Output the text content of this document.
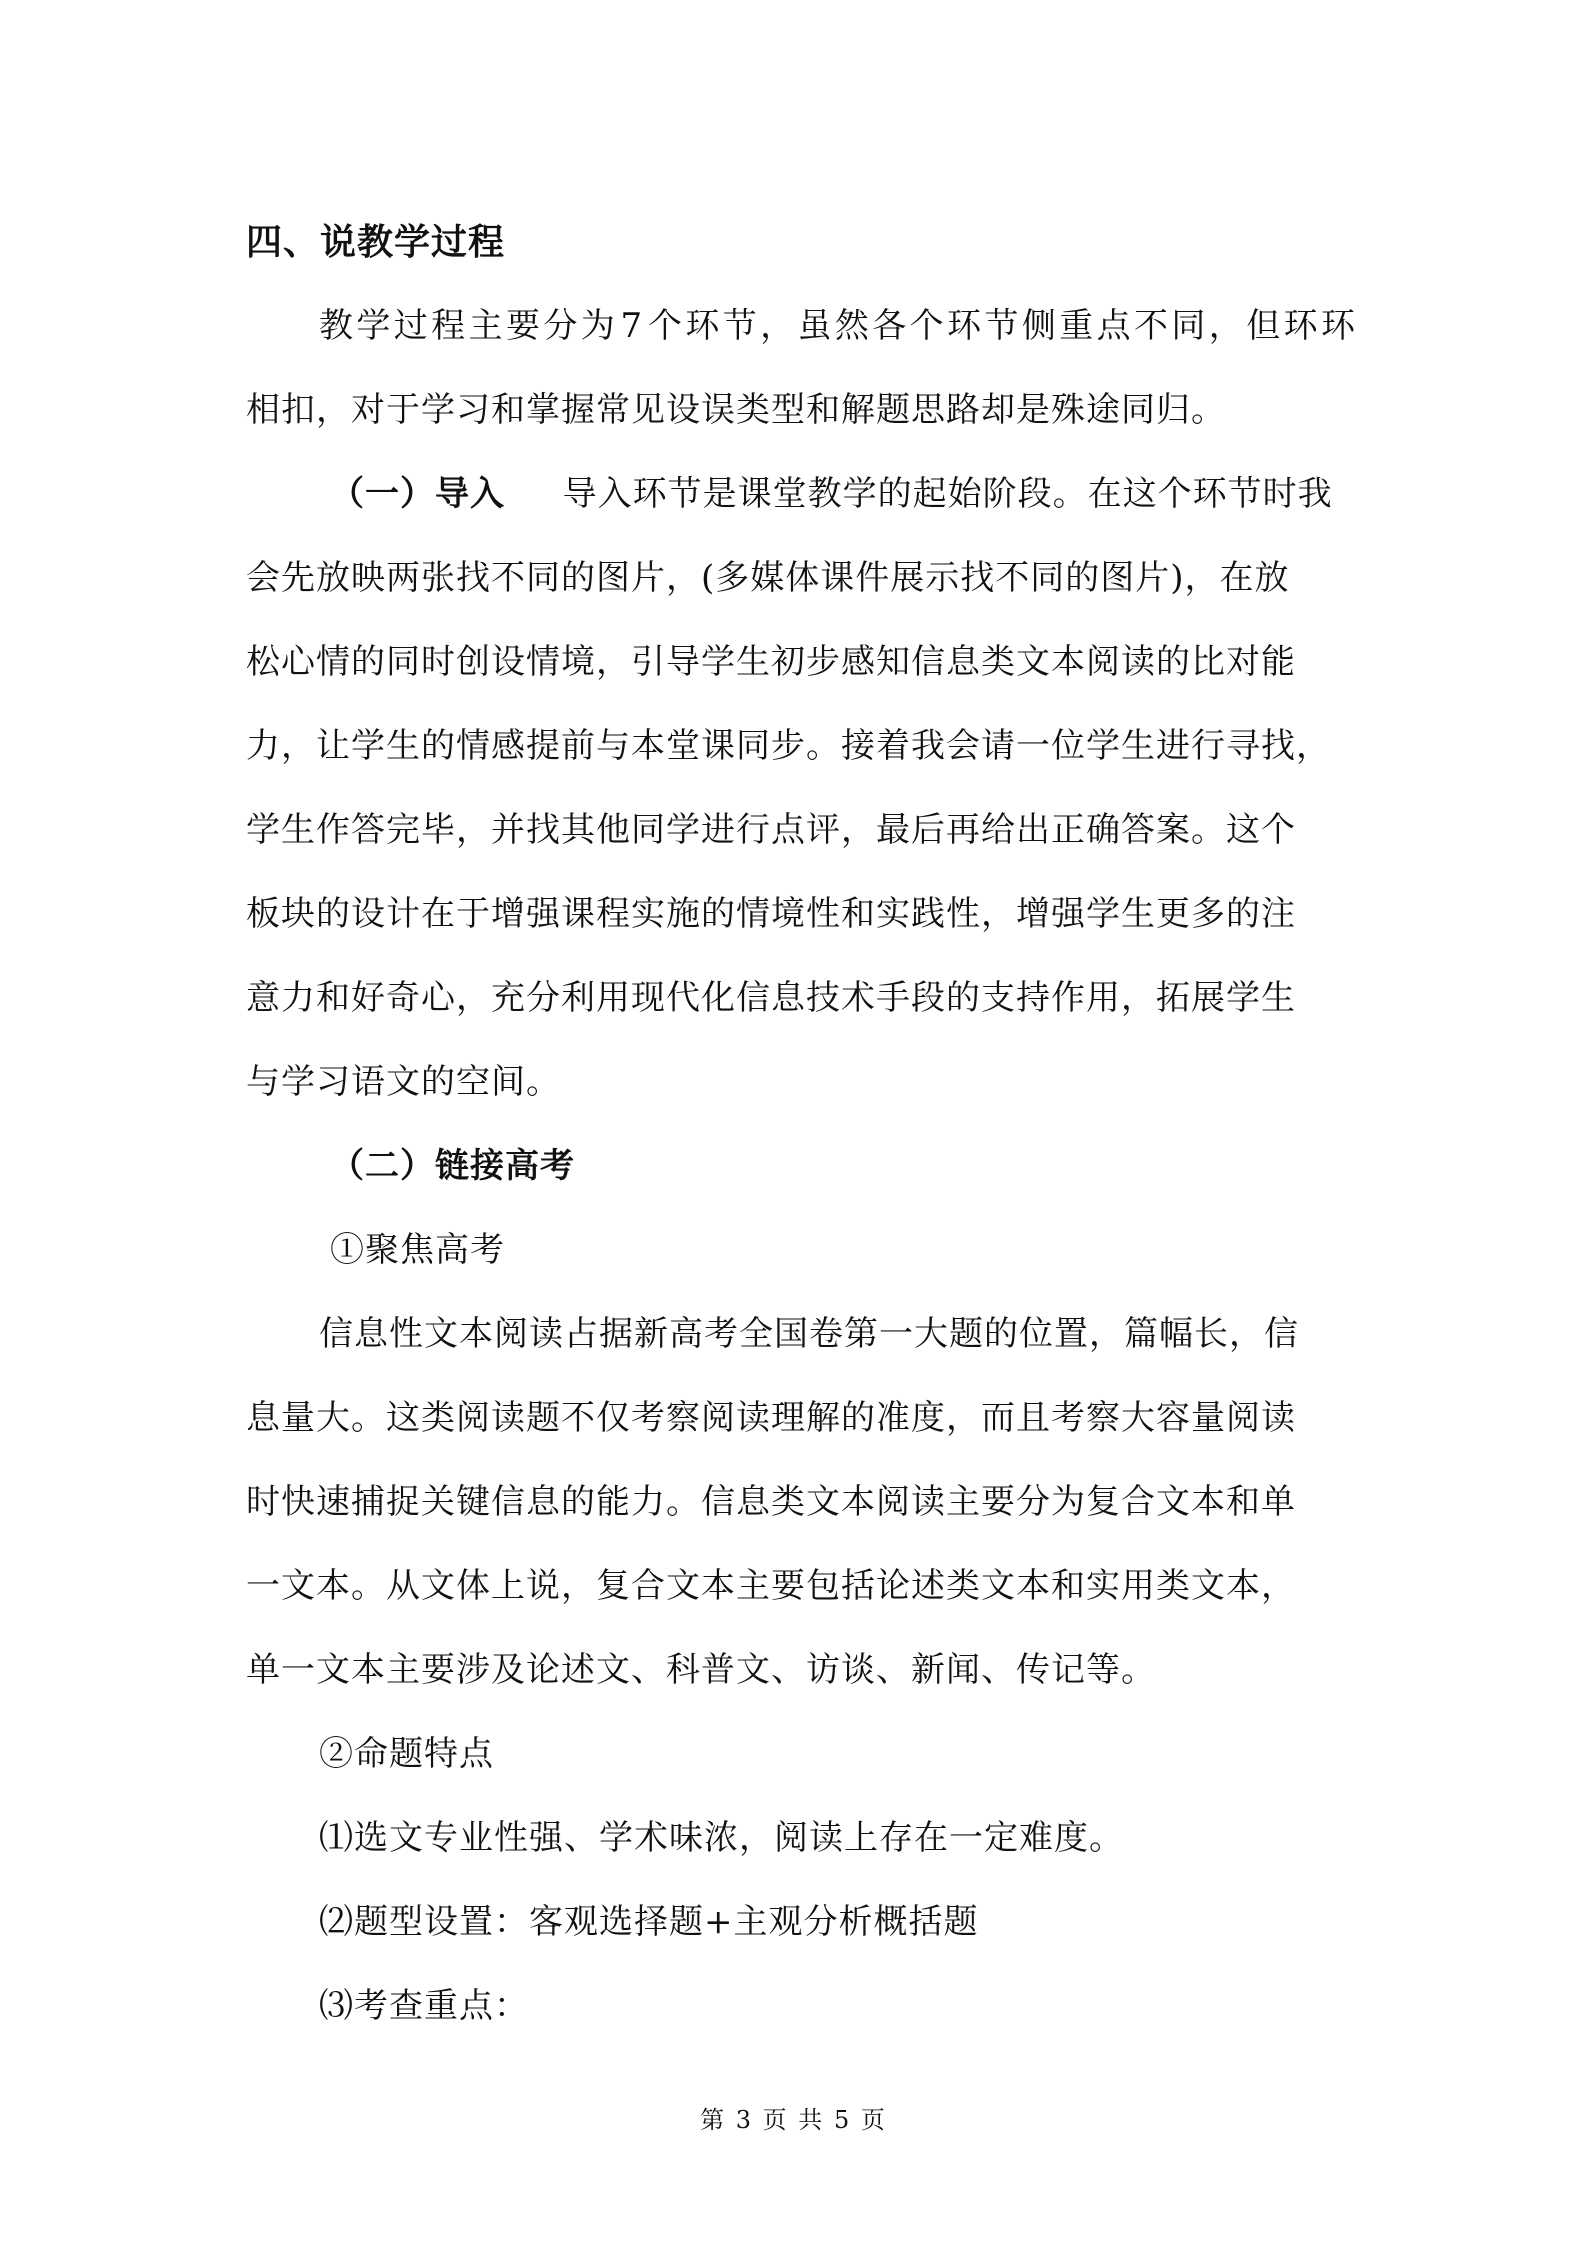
四、说教学过程
教 学 过 程 主 要 分 为 7 个 环 节 ， 虽 然 各 个 环 节 侧 重 点 不 同 ， 但 环 环
相扣，对于学习和掌握常见设误类型和解题思路却是殊途同归。
（一）导入 导入环节是课堂教学的起始阶段。在这个环节时我
会先放映两张找不同的图片，(多媒体课件展示找不同的图片)，在放
松心情的同时创设情境，引导学生初步感知信息类文本阅读的比对能
力，让学生的情感提前与本堂课同步。接着我会请一位学生进行寻找，
学生作答完毕，并找其他同学进行点评，最后再给出正确答案。这个
板块的设计在于增强课程实施的情境性和实践性，增强学生更多的注
意力和好奇心，充分利用现代化信息技术手段的支持作用，拓展学生
与学习语文的空间。
（二）链接高考
①聚焦高考
信息性文本阅读占据新高考全国卷第一大题的位置，篇幅长，信
息量大。这类阅读题不仅考察阅读理解的准度，而且考察大容量阅读
时快速捕捉关键信息的能力。信息类文本阅读主要分为复合文本和单
一文本。从文体上说，复合文本主要包括论述类文本和实用类文本，
单一文本主要涉及论述文、科普文、访谈、新闻、传记等。
②命题特点
⑴选文专业性强、学术味浓，阅读上存在一定难度。
⑵题型设置：客观选择题+主观分析概括题
⑶考查重点：
第 3 页 共 5 页
